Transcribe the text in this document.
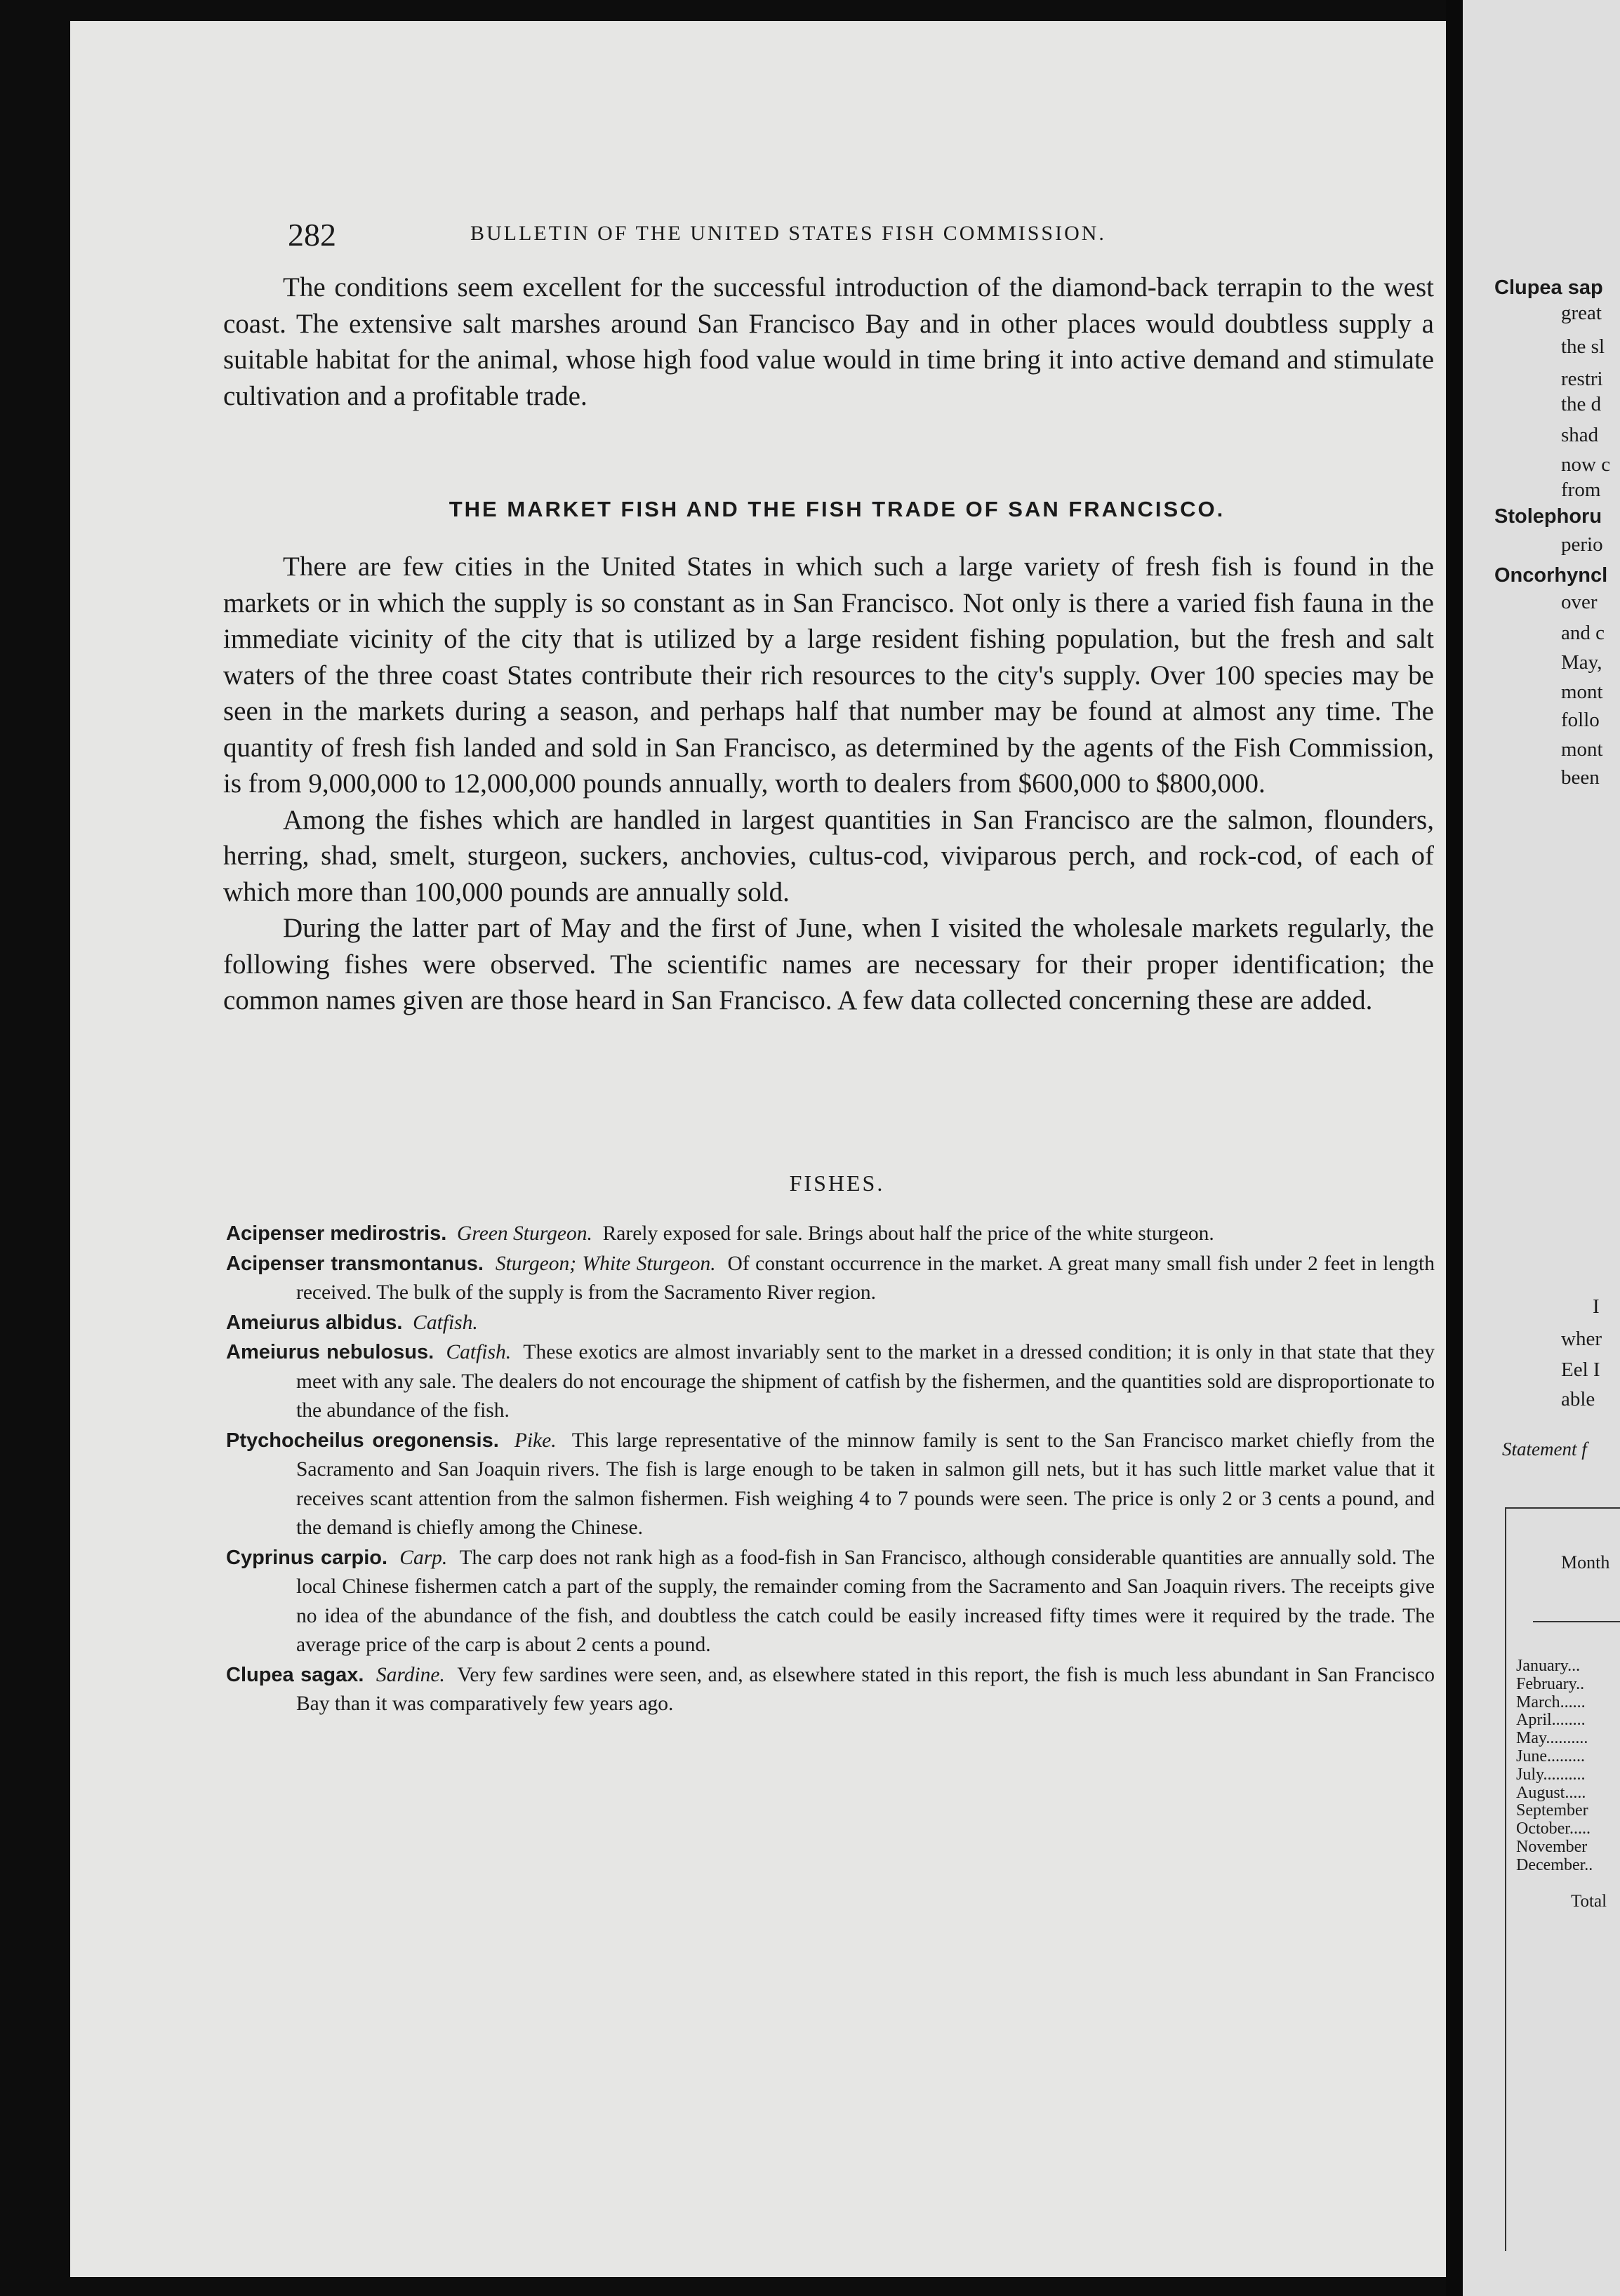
282	BULLETIN OF THE UNITED STATES FISH COMMISSION.

The conditions seem excellent for the successful introduction of the diamond-back terrapin to the west coast. The extensive salt marshes around San Francisco Bay and in other places would doubtless supply a suitable habitat for the animal, whose high food value would in time bring it into active demand and stimulate cultivation and a profitable trade.

THE MARKET FISH AND THE FISH TRADE OF SAN FRANCISCO.

There are few cities in the United States in which such a large variety of fresh fish is found in the markets or in which the supply is so constant as in San Francisco. Not only is there a varied fish fauna in the immediate vicinity of the city that is utilized by a large resident fishing population, but the fresh and salt waters of the three coast States contribute their rich resources to the city's supply. Over 100 species may be seen in the markets during a season, and perhaps half that number may be found at almost any time. The quantity of fresh fish landed and sold in San Francisco, as determined by the agents of the Fish Commission, is from 9,000,000 to 12,000,000 pounds annually, worth to dealers from $600,000 to $800,000.

Among the fishes which are handled in largest quantities in San Francisco are the salmon, flounders, herring, shad, smelt, sturgeon, suckers, anchovies, cultus-cod, viviparous perch, and rock-cod, of each of which more than 100,000 pounds are annually sold.

During the latter part of May and the first of June, when I visited the wholesale markets regularly, the following fishes were observed. The scientific names are necessary for their proper identification; the common names given are those heard in San Francisco. A few data collected concerning these are added.

FISHES.

Acipenser medirostris. Green Sturgeon. Rarely exposed for sale. Brings about half the price of the white sturgeon.

Acipenser transmontanus. Sturgeon; White Sturgeon. Of constant occurrence in the market. A great many small fish under 2 feet in length received. The bulk of the supply is from the Sacramento River region.

Ameiurus albidus. Catfish.

Ameiurus nebulosus. Catfish. These exotics are almost invariably sent to the market in a dressed condition; it is only in that state that they meet with any sale. The dealers do not encourage the shipment of catfish by the fishermen, and the quantities sold are disproportionate to the abundance of the fish.

Ptychocheilus oregonensis. Pike. This large representative of the minnow family is sent to the San Francisco market chiefly from the Sacramento and San Joaquin rivers. The fish is large enough to be taken in salmon gill nets, but it has such little market value that it receives scant attention from the salmon fishermen. Fish weighing 4 to 7 pounds were seen. The price is only 2 or 3 cents a pound, and the demand is chiefly among the Chinese.

Cyprinus carpio. Carp. The carp does not rank high as a food-fish in San Francisco, although considerable quantities are annually sold. The local Chinese fishermen catch a part of the supply, the remainder coming from the Sacramento and San Joaquin rivers. The receipts give no idea of the abundance of the fish, and doubtless the catch could be easily increased fifty times were it required by the trade. The average price of the carp is about 2 cents a pound.

Clupea sagax. Sardine. Very few sardines were seen, and, as elsewhere stated in this report, the fish is much less abundant in San Francisco Bay than it was comparatively few years ago.

Clupea sap
great
the sl
restri
the d
shad
now c
from
Stolephoru
perio
Oncorhyncl
over
and c
May,
mont
follo
mont
been
I
wher
Eel I
able
Statement f
Month
January...
February..
March......
April........
May..........
June.........
July..........
August.....
September
October.....
November
December..
Total
